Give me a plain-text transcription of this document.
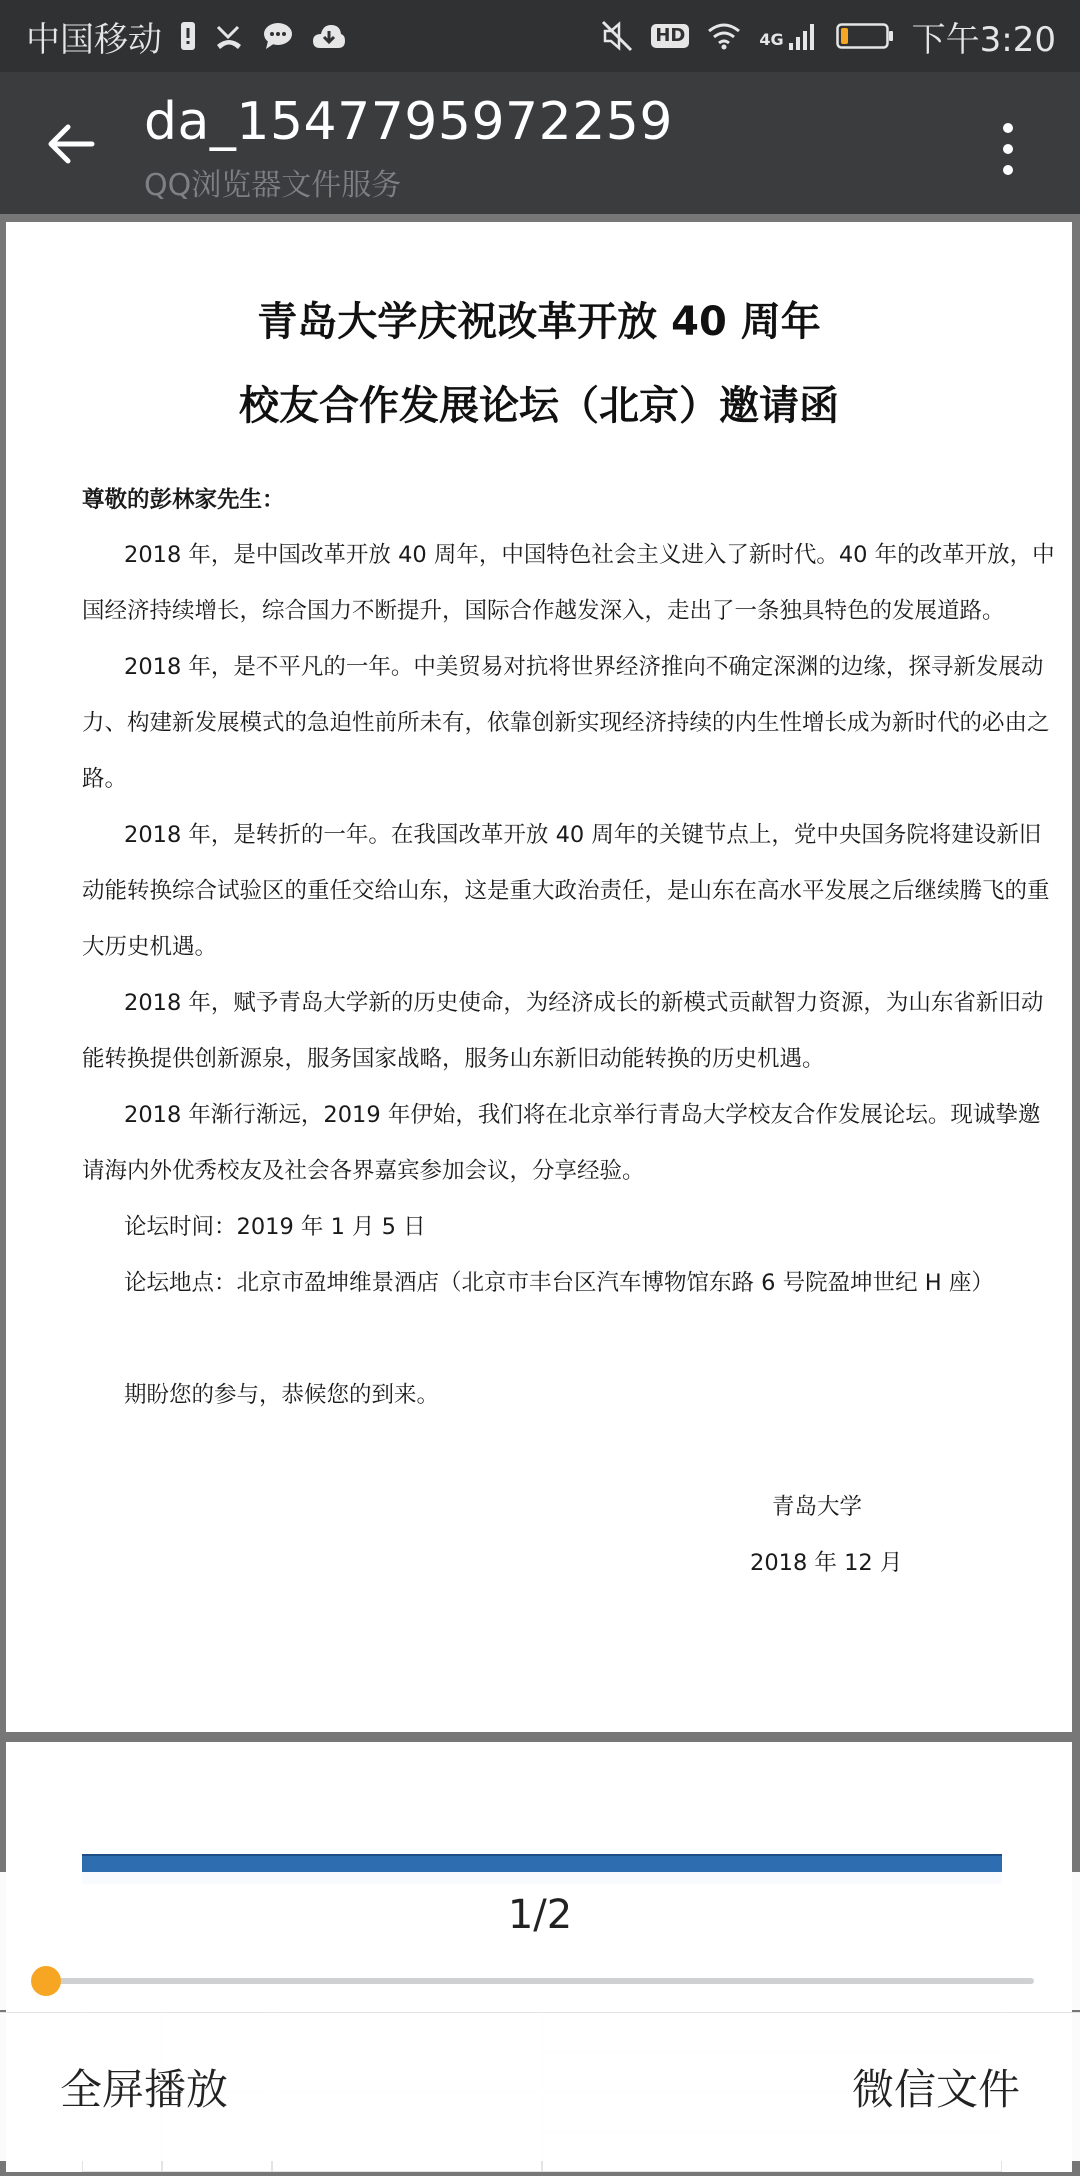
中国移动	HD	4G	下午3:20
da_1547795972259
QQ浏览器文件服务
青岛大学庆祝改革开放 40 周年
校友合作发展论坛（北京）邀请函
尊敬的彭林家先生：
2018 年，是中国改革开放 40 周年，中国特色社会主义进入了新时代。40 年的改革开放，中
国经济持续增长，综合国力不断提升，国际合作越发深入，走出了一条独具特色的发展道路。
2018 年，是不平凡的一年。中美贸易对抗将世界经济推向不确定深渊的边缘，探寻新发展动
力、构建新发展模式的急迫性前所未有，依靠创新实现经济持续的内生性增长成为新时代的必由之
路。
2018 年，是转折的一年。在我国改革开放 40 周年的关键节点上，党中央国务院将建设新旧
动能转换综合试验区的重任交给山东，这是重大政治责任，是山东在高水平发展之后继续腾飞的重
大历史机遇。
2018 年，赋予青岛大学新的历史使命，为经济成长的新模式贡献智力资源，为山东省新旧动
能转换提供创新源泉，服务国家战略，服务山东新旧动能转换的历史机遇。
2018 年渐行渐远，2019 年伊始，我们将在北京举行青岛大学校友合作发展论坛。现诚挚邀
请海内外优秀校友及社会各界嘉宾参加会议，分享经验。
论坛时间：2019 年 1 月 5 日
论坛地点：北京市盈坤维景酒店（北京市丰台区汽车博物馆东路 6 号院盈坤世纪 H 座）
期盼您的参与，恭候您的到来。
青岛大学
2018 年 12 月
1/2
全屏播放	微信文件
